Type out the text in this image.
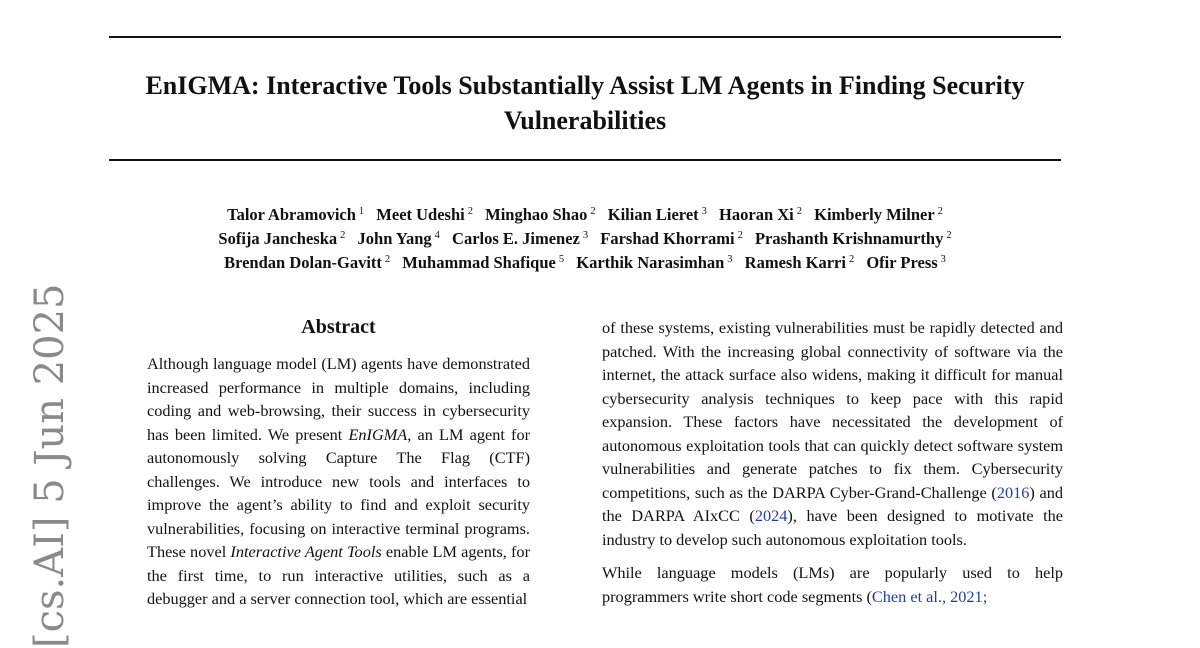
EnIGMA: Interactive Tools Substantially Assist LM Agents in Finding Security Vulnerabilities
Talor Abramovich $^1$ Meet Udeshi $^2$ Minghao Shao $^2$ Kilian Lieret $^3$ Haoran Xi $^2$ Kimberly Milner $^2$
Sofija Jancheska $^2$ John Yang $^4$ Carlos E. Jimenez $^3$ Farshad Khorrami $^2$ Prashanth Krishnamurthy $^2$
Brendan Dolan-Gavitt $^2$ Muhammad Shafique $^5$ Karthik Narasimhan $^3$ Ramesh Karri $^2$ Ofir Press $^3$
[cs.AI] 5 Jun 2025	Abstract

Although language model (LM) agents have demonstrated increased performance in multiple domains, including coding and web-browsing, their success in cybersecurity has been limited. We present EnIGMA, an LM agent for autonomously solving Capture The Flag (CTF) challenges. We introduce new tools and interfaces to improve the agent’s ability to find and exploit security vulnerabilities, focusing on interactive terminal programs. These novel Interactive Agent Tools enable LM agents, for the first time, to run interactive utilities, such as a debugger and a server connection tool, which are essential

of these systems, existing vulnerabilities must be rapidly detected and patched. With the increasing global connectivity of software via the internet, the attack surface also widens, making it difficult for manual cybersecurity analysis techniques to keep pace with this rapid expansion. These factors have necessitated the development of autonomous exploitation tools that can quickly detect software system vulnerabilities and generate patches to fix them. Cybersecurity competitions, such as the DARPA Cyber-Grand-Challenge (2016) and the DARPA AIxCC (2024), have been designed to motivate the industry to develop such autonomous exploitation tools.

While language models (LMs) are popularly used to help programmers write short code segments (Chen et al., 2021;
